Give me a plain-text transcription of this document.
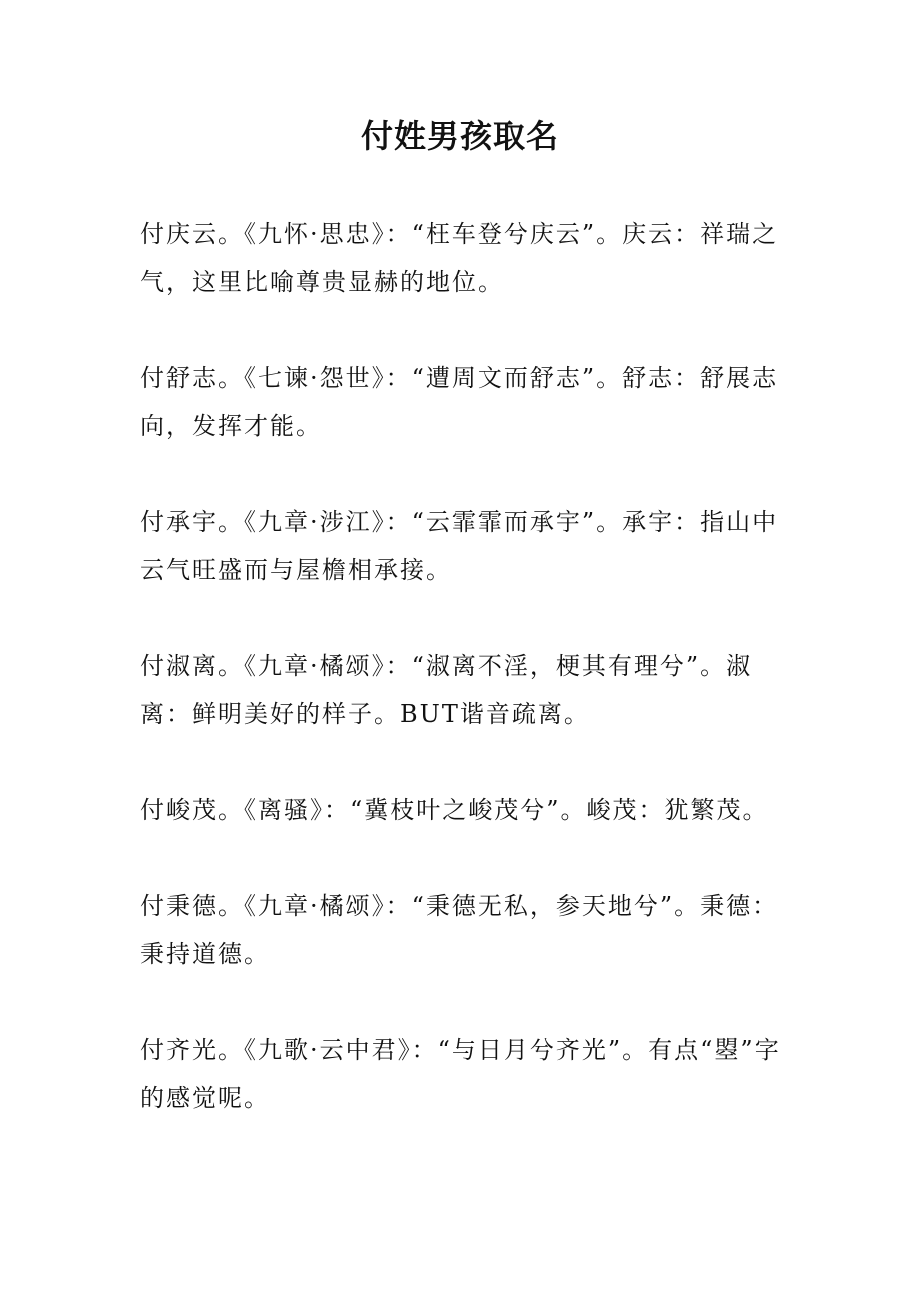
付姓男孩取名

付庆云。《九怀·思忠》：“枉车登兮庆云”。庆云：祥瑞之气，这里比喻尊贵显赫的地位。

付舒志。《七谏·怨世》：“遭周文而舒志”。舒志：舒展志向，发挥才能。

付承宇。《九章·涉江》：“云霏霏而承宇”。承宇：指山中云气旺盛而与屋檐相承接。

付淑离。《九章·橘颂》：“淑离不淫，梗其有理兮”。淑离：鲜明美好的样子。BUT谐音疏离。

付峻茂。《离骚》：“冀枝叶之峻茂兮”。峻茂：犹繁茂。

付秉德。《九章·橘颂》：“秉德无私，参天地兮”。秉德：秉持道德。

付齐光。《九歌·云中君》：“与日月兮齐光”。有点“曌”字的感觉呢。
